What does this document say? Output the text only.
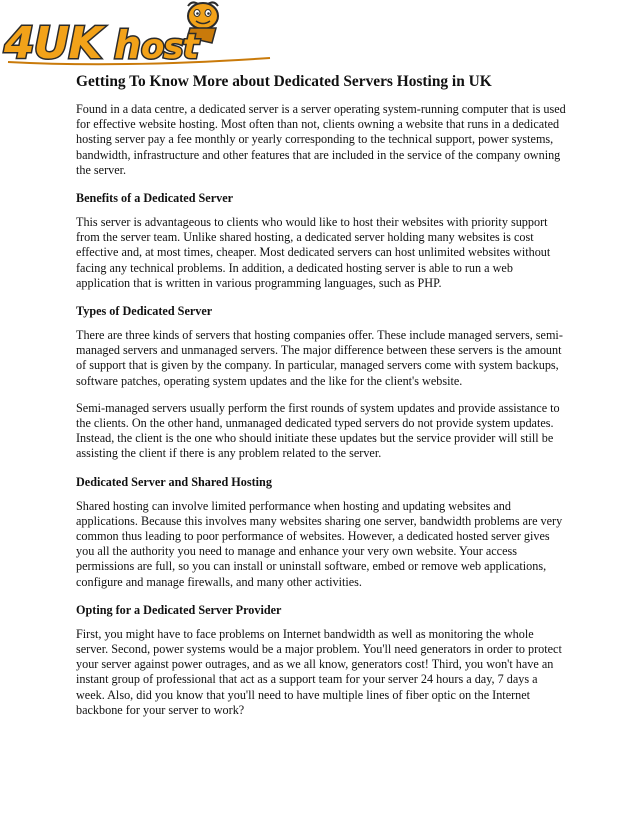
4UK h ost
Getting To Know More about Dedicated Servers Hosting in UK

Found in a data centre, a dedicated server is a server operating system-running computer that is used for effective website hosting. Most often than not, clients owning a website that runs in a dedicated hosting server pay a fee monthly or yearly corresponding to the technical support, power systems, bandwidth, infrastructure and other features that are included in the service of the company owning the server.

Benefits of a Dedicated Server

This server is advantageous to clients who would like to host their websites with priority support from the server team. Unlike shared hosting, a dedicated server holding many websites is cost effective and, at most times, cheaper. Most dedicated servers can host unlimited websites without facing any technical problems. In addition, a dedicated hosting server is able to run a web application that is written in various programming languages, such as PHP.

Types of Dedicated Server

There are three kinds of servers that hosting companies offer. These include managed servers, semi-managed servers and unmanaged servers. The major difference between these servers is the amount of support that is given by the company. In particular, managed servers come with system backups, software patches, operating system updates and the like for the client's website.

Semi-managed servers usually perform the first rounds of system updates and provide assistance to the clients. On the other hand, unmanaged dedicated typed servers do not provide system updates. Instead, the client is the one who should initiate these updates but the service provider will still be assisting the client if there is any problem related to the server.

Dedicated Server and Shared Hosting

Shared hosting can involve limited performance when hosting and updating websites and applications. Because this involves many websites sharing one server, bandwidth problems are very common thus leading to poor performance of websites. However, a dedicated hosted server gives you all the authority you need to manage and enhance your very own website. Your access permissions are full, so you can install or uninstall software, embed or remove web applications, configure and manage firewalls, and many other activities.

Opting for a Dedicated Server Provider

First, you might have to face problems on Internet bandwidth as well as monitoring the whole server. Second, power systems would be a major problem. You'll need generators in order to protect your server against power outrages, and as we all know, generators cost! Third, you won't have an instant group of professional that act as a support team for your server 24 hours a day, 7 days a week. Also, did you know that you'll need to have multiple lines of fiber optic on the Internet backbone for your server to work?
